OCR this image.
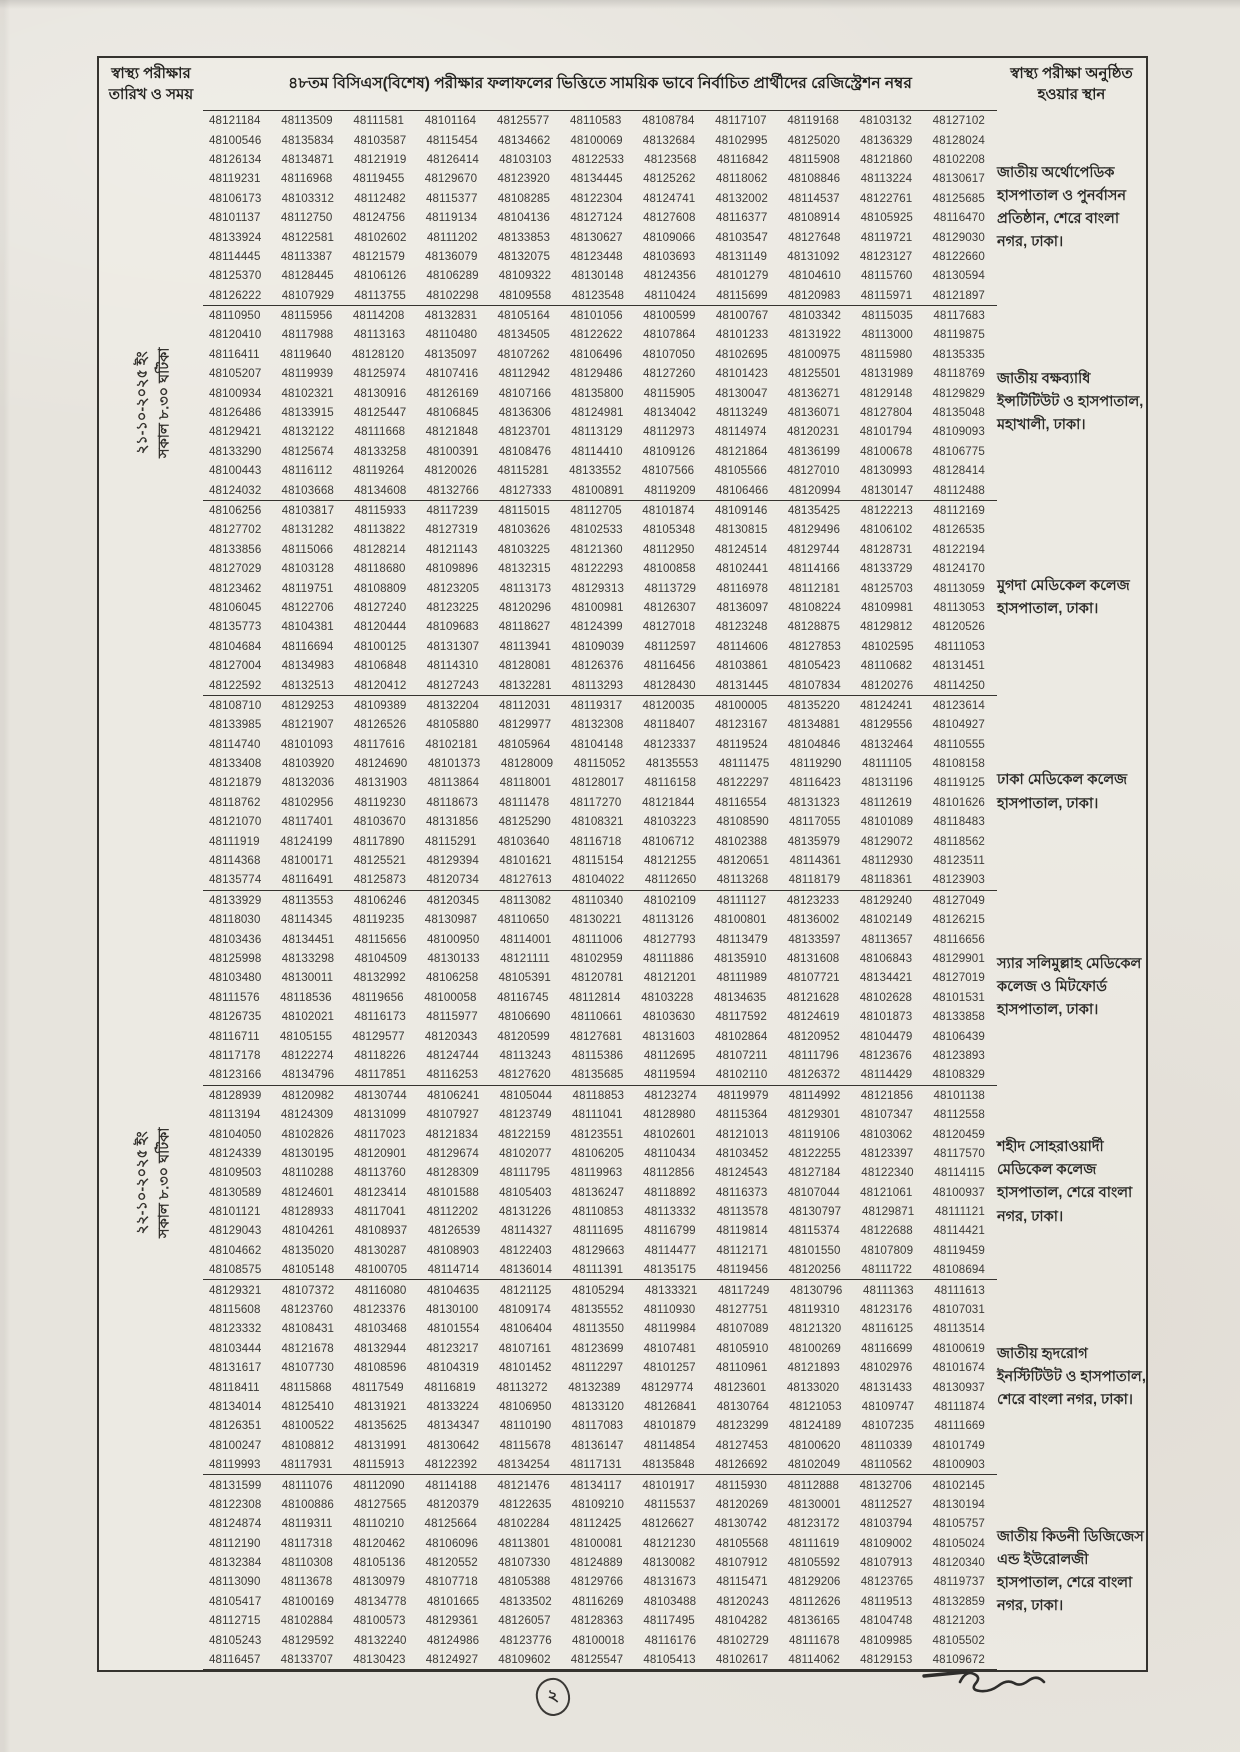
স্বাস্থ্য পরীক্ষার তারিখ ও সময়	৪৮তম বিসিএস(বিশেষ) পরীক্ষার ফলাফলের ভিত্তিতে সাময়িক ভাবে নির্বাচিত প্রার্থীদের রেজিস্ট্রেশন নম্বর	স্বাস্থ্য পরীক্ষা অনুষ্ঠিত হওয়ার স্থান

২১-১০-২০২৫ ইং সকাল ৮.৩০ ঘটিকা

48121184 48113509 48111581 48101164 48125577 48110583 48108784 48117107 48119168 48103132 48127102
	জাতীয় অর্থোপেডিক হাসপাতাল ও পুনর্বাসন প্রতিষ্ঠান, শেরে বাংলা নগর, ঢাকা।

48100546 48135834 48103587 48115454 48134662 48100069 48132684 48102995 48125020 48136329 48128024

48126134 48134871 48121919 48126414 48103103 48122533 48123568 48116842 48115908 48121860 48102208

48119231 48116968 48119455 48129670 48123920 48134445 48125262 48118062 48108846 48113224 48130617

48106173 48103312 48112482 48115377 48108285 48122304 48124741 48132002 48114537 48122761 48125685

48101137 48112750 48124756 48119134 48104136 48127124 48127608 48116377 48108914 48105925 48116470

48133924 48122581 48102602 48111202 48133853 48130627 48109066 48103547 48127648 48119721 48129030

48114445 48113387 48121579 48136079 48132075 48123448 48103693 48131149 48131092 48123127 48122660

48125370 48128445 48106126 48106289 48109322 48130148 48124356 48101279 48104610 48115760 48130594

48126222 48107929 48113755 48102298 48109558 48123548 48110424 48115699 48120983 48115971 48121897

48110950 48115956 48114208 48132831 48105164 48101056 48100599 48100767 48103342 48115035 48117683
	জাতীয় বক্ষব্যাধি ইন্সটিটিউট ও হাসপাতাল, মহাখালী, ঢাকা।

48120410 48117988 48113163 48110480 48134505 48122622 48107864 48101233 48131922 48113000 48119875

48116411 48119640 48128120 48135097 48107262 48106496 48107050 48102695 48100975 48115980 48135335

48105207 48119939 48125974 48107416 48112942 48129486 48127260 48101423 48125501 48131989 48118769

48100934 48102321 48130916 48126169 48107166 48135800 48115905 48130047 48136271 48129148 48129829

48126486 48133915 48125447 48106845 48136306 48124981 48134042 48113249 48136071 48127804 48135048

48129421 48132122 48111668 48121848 48123701 48113129 48112973 48114974 48120231 48101794 48109093

48133290 48125674 48133258 48100391 48108476 48114410 48109126 48121864 48136199 48100678 48106775

48100443 48116112 48119264 48120026 48115281 48133552 48107566 48105566 48127010 48130993 48128414

48124032 48103668 48134608 48132766 48127333 48100891 48119209 48106466 48120994 48130147 48112488

48106256 48103817 48115933 48117239 48115015 48112705 48101874 48109146 48135425 48122213 48112169
	মুগদা মেডিকেল কলেজ হাসপাতাল, ঢাকা।

48127702 48131282 48113822 48127319 48103626 48102533 48105348 48130815 48129496 48106102 48126535

48133856 48115066 48128214 48121143 48103225 48121360 48112950 48124514 48129744 48128731 48122194

48127029 48103128 48118680 48109896 48132315 48122293 48100858 48102441 48114166 48133729 48124170

48123462 48119751 48108809 48123205 48113173 48129313 48113729 48116978 48112181 48125703 48113059

48106045 48122706 48127240 48123225 48120296 48100981 48126307 48136097 48108224 48109981 48113053

48135773 48104381 48120444 48109683 48118627 48124399 48127018 48123248 48128875 48129812 48120526

48104684 48116694 48100125 48131307 48113941 48109039 48112597 48114606 48127853 48102595 48111053

48127004 48134983 48106848 48114310 48128081 48126376 48116456 48103861 48105423 48110682 48131451

48122592 48132513 48120412 48127243 48132281 48113293 48128430 48131445 48107834 48120276 48114250

২২-১০-২০২৫ ইং সকাল ৮.৩০ ঘটিকা

48108710 48129253 48109389 48132204 48112031 48119317 48120035 48100005 48135220 48124241 48123614
	ঢাকা মেডিকেল কলেজ হাসপাতাল, ঢাকা।

48133985 48121907 48126526 48105880 48129977 48132308 48118407 48123167 48134881 48129556 48104927

48114740 48101093 48117616 48102181 48105964 48104148 48123337 48119524 48104846 48132464 48110555

48133408 48103920 48124690 48101373 48128009 48115052 48135553 48111475 48119290 48111105 48108158

48121879 48132036 48131903 48113864 48118001 48128017 48116158 48122297 48116423 48131196 48119125

48118762 48102956 48119230 48118673 48111478 48117270 48121844 48116554 48131323 48112619 48101626

48121070 48117401 48103670 48131856 48125290 48108321 48103223 48108590 48117055 48101089 48118483

48111919 48124199 48117890 48115291 48103640 48116718 48106712 48102388 48135979 48129072 48118562

48114368 48100171 48125521 48129394 48101621 48115154 48121255 48120651 48114361 48112930 48123511

48135774 48116491 48125873 48120734 48127613 48104022 48112650 48113268 48118179 48118361 48123903

48133929 48113553 48106246 48120345 48113082 48110340 48102109 48111127 48123233 48129240 48127049
	স্যার সলিমুল্লাহ মেডিকেল কলেজ ও মিটফোর্ড হাসপাতাল, ঢাকা।

48118030 48114345 48119235 48130987 48110650 48130221 48113126 48100801 48136002 48102149 48126215

48103436 48134451 48115656 48100950 48114001 48111006 48127793 48113479 48133597 48113657 48116656

48125998 48133298 48104509 48130133 48121111 48102959 48111886 48135910 48131608 48106843 48129901

48103480 48130011 48132992 48106258 48105391 48120781 48121201 48111989 48107721 48134421 48127019

48111576 48118536 48119656 48100058 48116745 48112814 48103228 48134635 48121628 48102628 48101531

48126735 48102021 48116173 48115977 48106690 48110661 48103630 48117592 48124619 48101873 48133858

48116711 48105155 48129577 48120343 48120599 48127681 48131603 48102864 48120952 48104479 48106439

48117178 48122274 48118226 48124744 48113243 48115386 48112695 48107211 48111796 48123676 48123893

48123166 48134796 48117851 48116253 48127620 48135685 48119594 48102110 48126372 48114429 48108329

48128939 48120982 48130744 48106241 48105044 48118853 48123274 48119979 48114992 48121856 48101138
	শহীদ সোহরাওয়ার্দী মেডিকেল কলেজ হাসপাতাল, শেরে বাংলা নগর, ঢাকা।

48113194 48124309 48131099 48107927 48123749 48111041 48128980 48115364 48129301 48107347 48112558

48104050 48102826 48117023 48121834 48122159 48123551 48102601 48121013 48119106 48103062 48120459

48124339 48130195 48120901 48129674 48102077 48106205 48110434 48103452 48122255 48123397 48117570

48109503 48110288 48113760 48128309 48111795 48119963 48112856 48124543 48127184 48122340 48114115

48130589 48124601 48123414 48101588 48105403 48136247 48118892 48116373 48107044 48121061 48100937

48101121 48128933 48117041 48112202 48131226 48110853 48113332 48113578 48130797 48129871 48111121

48129043 48104261 48108937 48126539 48114327 48111695 48116799 48119814 48115374 48122688 48114421

48104662 48135020 48130287 48108903 48122403 48129663 48114477 48112171 48101550 48107809 48119459

48108575 48105148 48100705 48114714 48136014 48111391 48135175 48119456 48120256 48111722 48108694

48129321 48107372 48116080 48104635 48121125 48105294 48133321 48117249 48130796 48111363 48111613
	জাতীয় হৃদরোগ ইনস্টিটিউট ও হাসপাতাল, শেরে বাংলা নগর, ঢাকা।

48115608 48123760 48123376 48130100 48109174 48135552 48110930 48127751 48119310 48123176 48107031

48123332 48108431 48103468 48101554 48106404 48113550 48119984 48107089 48121320 48116125 48113514

48103444 48121678 48132944 48123217 48107161 48123699 48107481 48105910 48100269 48116699 48100619

48131617 48107730 48108596 48104319 48101452 48112297 48101257 48110961 48121893 48102976 48101674

48118411 48115868 48117549 48116819 48113272 48132389 48129774 48123601 48133020 48131433 48130937

48134014 48125410 48131921 48133224 48106950 48133120 48126841 48130764 48121053 48109747 48111874

48126351 48100522 48135625 48134347 48110190 48117083 48101879 48123299 48124189 48107235 48111669

48100247 48108812 48131991 48130642 48115678 48136147 48114854 48127453 48100620 48110339 48101749

48119993 48117931 48115913 48122392 48134254 48117131 48135848 48126692 48102049 48110562 48100903

48131599 48111076 48112090 48114188 48121476 48134117 48101917 48115930 48112888 48132706 48102145
	জাতীয় কিডনী ডিজিজেস এন্ড ইউরোলজী হাসপাতাল, শেরে বাংলা নগর, ঢাকা।

48122308 48100886 48127565 48120379 48122635 48109210 48115537 48120269 48130001 48112527 48130194

48124874 48119311 48110210 48125664 48102284 48112425 48126627 48130742 48123172 48103794 48105757

48112190 48117318 48120462 48106096 48113801 48100081 48121230 48105568 48111619 48109002 48105024

48132384 48110308 48105136 48120552 48107330 48124889 48130082 48107912 48105592 48107913 48120340

48113090 48113678 48130979 48107718 48105388 48129766 48131673 48115471 48129206 48123765 48119737

48105417 48100169 48134778 48101665 48133502 48116269 48103488 48120243 48112626 48119513 48132859

48112715 48102884 48100573 48129361 48126057 48128363 48117495 48104282 48136165 48104748 48121203

48105243 48129592 48132240 48124986 48123776 48100018 48116176 48102729 48111678 48109985 48105502

48116457 48133707 48130423 48124927 48109602 48125547 48105413 48102617 48114062 48129153 48109672
২
